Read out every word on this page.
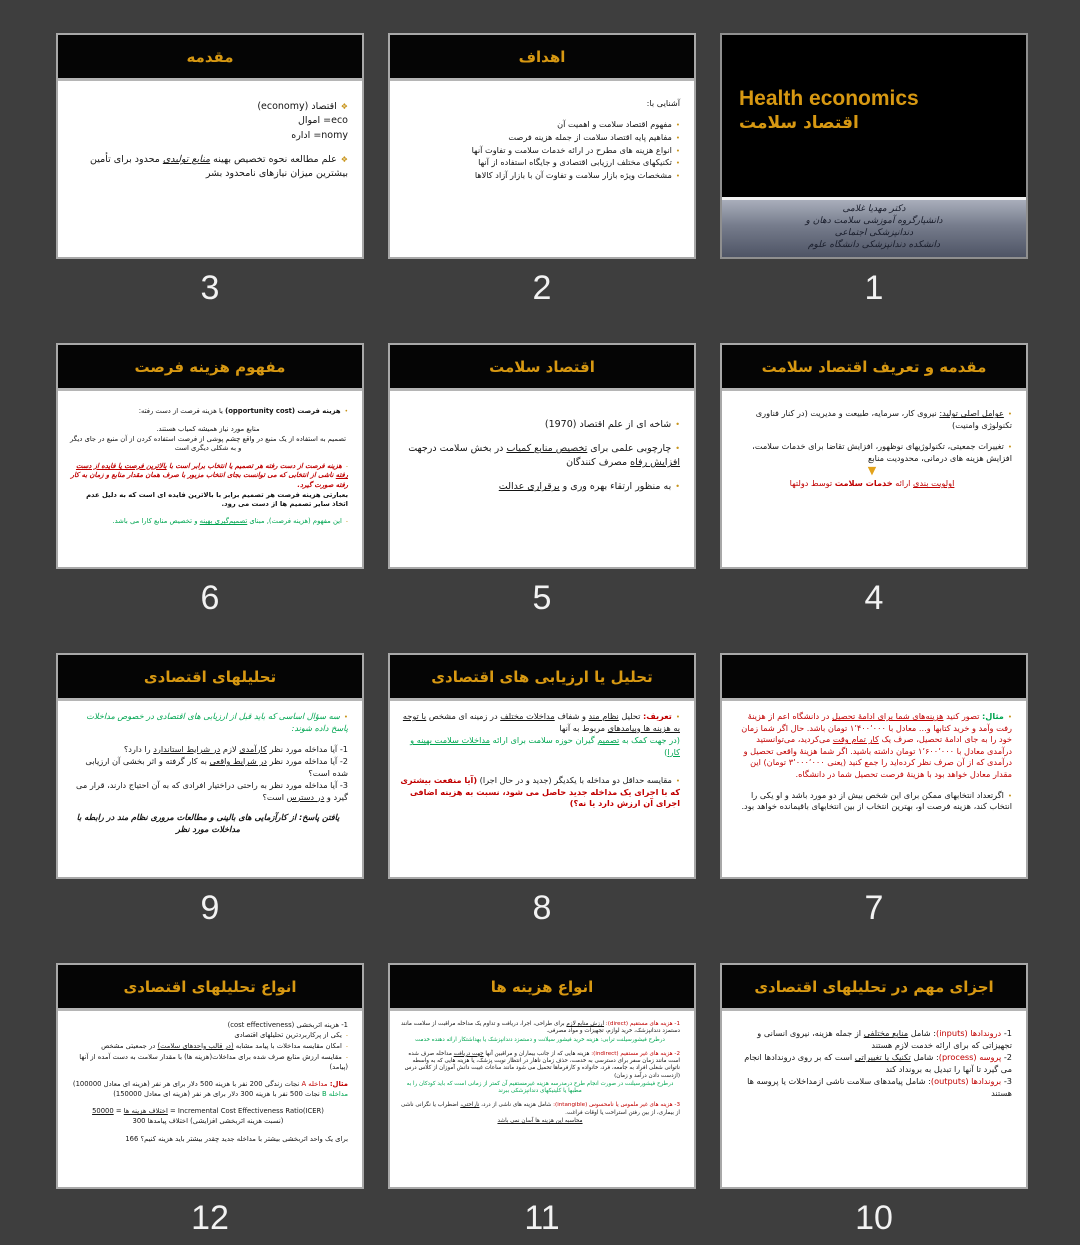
مقدمه
❖اقتصاد (economy)
eco= اموال
nomy= اداره
❖علم مطالعه نحوه تخصیص بهینه منابع تولیدی محدود برای تأمین بیشترین میزان نیازهای نامحدود بشر
3
اهداف
آشنایی با:
•مفهوم اقتصاد سلامت و اهمیت آن
•مفاهیم پایه اقتصاد سلامت از جمله هزینه فرصت
•انواع هزینه های مطرح در ارائه خدمات سلامت و تفاوت آنها
•تکنیکهای مختلف ارزیابی اقتصادی و جایگاه استفاده از آنها
•مشخصات ویژه بازار سلامت و تفاوت آن با بازار آزاد کالاها
2
Health economics
اقتصاد سلامت
دکتر مهدیا غلامی
دانشیارگروه آموزشی سلامت دهان و
دندانپزشکی اجتماعی
دانشکده دندانپزشکی دانشگاه علوم
1
مفهوم هزینه فرصت
•هزینه فرصت (opportunity cost) یا هزینه فرصت از دست رفته:
منابع مورد نیاز همیشه کمیاب هستند.
تصمیم به استفاده از یک منبع در واقع چشم پوشی از فرصت استفاده کردن از آن منبع در جای دیگر و به شکلی دیگری است
-هزینه فرصت از دست رفته هر تصمیم یا انتخاب برابر است با بالاترین فرصت یا فایده از دست رفته ناشی از انتخابی که می توانست بجای انتخاب مزبور با صرف همان مقدار منابع و زمان به کار رفته صورت گیرد.
بعبارتی هزینه فرصت هر تصمیم برابر با بالاترین فایده ای است که به دلیل عدم اتخاذ سایر تصمیم ها از دست می رود.
-این مفهوم (هزینه فرصت), مبنای تصمیم‌گیری بهینه و تخصیص منابع کارا می باشد.
6
اقتصاد سلامت
•شاخه ای از علم اقتصاد (1970)
•چارچوبی علمی برای تخصیص منابع کمیاب در بخش سلامت درجهت افزایش رفاه مصرف کنندگان
•به منظور ارتقاء بهره وری و برقراری عدالت
5
مقدمه و تعریف اقتصاد سلامت
•عوامل اصلی تولید: نیروی کار، سرمایه، طبیعت و مدیریت (در کنار فناوری تکنولوژی وامنیت)
•تغییرات جمعیتی، تکنولوژیهای نوظهور، افزایش تقاضا برای خدمات سلامت، افزایش هزینه های درمانی، محدودیت منابع
▼
اولویت بندی ارائه خدمات سلامت توسط دولتها
4
تحلیلهای اقتصادی
•سه سؤال اساسی که باید قبل از ارزیابی های اقتصادی در خصوص مداخلات پاسخ داده شوند:
1- آیا مداخله مورد نظر کارآمدی لازم در شرایط استاندارد را دارد؟
2- آیا مداخله مورد نظر در شرایط واقعی به کار گرفته و اثر بخشی آن ارزیابی شده است؟
3- آیا مداخله مورد نظر به راحتی دراختیار افرادی که به آن احتیاج دارند، قرار می گیرد و در دسترس است؟
یافتن پاسخ: از کارآزمایی های بالینی و مطالعات مروری نظام مند در رابطه با مداخلات مورد نظر
9
تحلیل یا ارزیابی های اقتصادی
•تعریف: تحلیل نظام مند و شفاف مداخلات مختلف در زمینه ای مشخص با توجه به هزینه ها وپیامدهای مربوط به آنها
(در جهت کمک به تصمیم گیران حوزه سلامت برای ارائه مداخلات سلامت بهینه و کارا)
•مقایسه حداقل دو مداخله با یکدیگر (جدید و در حال اجرا) (آیا منفعت بیشتری که با اجرای یک مداخله جدید حاصل می شود، نسبت به هزینه اضافی اجرای آن ارزش دارد یا نه؟)
8
•مثال: تصور کنید هزینه‌های شما برای ادامهٔ تحصیل در دانشگاه اعم از هزینهٔ رفت وآمد و خرید کتابها و... معادل با ۱٬۴۰۰٬۰۰۰ تومان باشد. حال اگر شما زمان خود را به جای ادامهٔ تحصیل، صرف یک کار تمام وقت می‌کردید، می‌توانستید درآمدی معادل با ۱٬۶۰۰٬۰۰۰ تومان داشته باشید. اگر شما هزینهٔ واقعی تحصیل و درآمدی که از آن صرف نظر کرده‌اید را جمع کنید (یعنی ۳٬۰۰۰٬۰۰۰ تومان) این مقدار معادل خواهد بود با هزینهٔ فرصت تحصیل شما در دانشگاه.
•اگرتعداد انتخابهای ممکن برای این شخص بیش از دو مورد باشد و او یکی را انتخاب کند، هزینه فرصت او، بهترین انتخاب از بین انتخابهای باقیمانده خواهد بود.
7
انواع تحلیلهای اقتصادی
1- هزینه اثربخشی (cost effectiveness)
-یکی از پرکاربردترین تحلیلهای اقتصادی
-امکان مقایسه مداخلات با پیامد مشابه (در قالب واحدهای سلامت) در جمعیتی مشخص
-مقایسه ارزش منابع صرف شده برای مداخلات(هزینه ها) با مقدار سلامت به دست آمده از آنها (پیامد)
مثال: مداخله A نجات زندگی 200 نفر با هزینه 500 دلار برای هر نفر (هزینه ای معادل 100000)
مداخله B نجات 500 نفر با هزینه 300 دلار برای هر نفر (هزینه ای معادل 150000)
Incremental Cost Effectiveness Ratio(ICER) = اختلاف هزینه ها = 50000
(نسبت هزینه اثربخشی افزایشی) اختلاف پیامدها 300
برای یک واحد اثربخشی بیشتر با مداخله جدید چقدر بیشتر باید هزینه کنیم؟ 166
12
انواع هزینه ها
1- هزینه های مستقیم (direct): ارزش منابع لازم برای طراحی، اجرا، دریافت و تداوم یک مداخله مراقبت از سلامت مانند دستمزد دندانپزشک، خرید لوازم، تجهیزات و مواد مصرفی.
درطرح فیشورسیلنت ترابی: هزینه خرید فیشور سیلانت و دستمزد دندانپزشک یا بهداشتکار ارائه دهنده خدمت
2- هزینه های غیر مستقیم (indirect): هزینه هایی که از جانب بیماران و مراقبین آنها جهت دریافت مداخله صرف شده است مانند زمان سفر برای دسترسی به خدمت، حذف زمان ناهار در انتظار نوبت پزشک، یا هزینه هایی که به واسطه ناتوانی شغلی افراد به جامعه، فرد، خانواده و کارفرماها تحمیل می شود مانند ساعات غیبت دانش آموزان از کلاس درس (ازدست دادن درآمد و زمان)
درطرح فیشورسیلنت در صورت انجام طرح درمدرسه هزینه غیرمستقیم آن کمتر از زمانی است که باید کودکان را به مطبها یا کلینیکهای دندانپزشکی ببرند
3- هزینه های غیر ملموس یا نامحسوس (intangible): شامل هزینه های ناشی از درد، ناراحتی، اضطراب یا نگرانی ناشی از بیماری، از بین رفتن استراحت یا اوقات فراغت.
محاسبه این هزینه ها آسان نمی باشد
11
اجزای مهم در تحلیلهای اقتصادی
1- دروندادها (inputs): شامل منابع مختلفی از جمله هزینه، نیروی انسانی و تجهیزاتی که برای ارائه خدمت لازم هستند
2- پروسه (process): شامل تکنیک یا تغییراتی است که بر روی دروندادها انجام می گیرد تا آنها را تبدیل به برونداد کند
3- بروندادها (outputs): شامل پیامدهای سلامت ناشی ازمداخلات یا پروسه ها هستند
10
